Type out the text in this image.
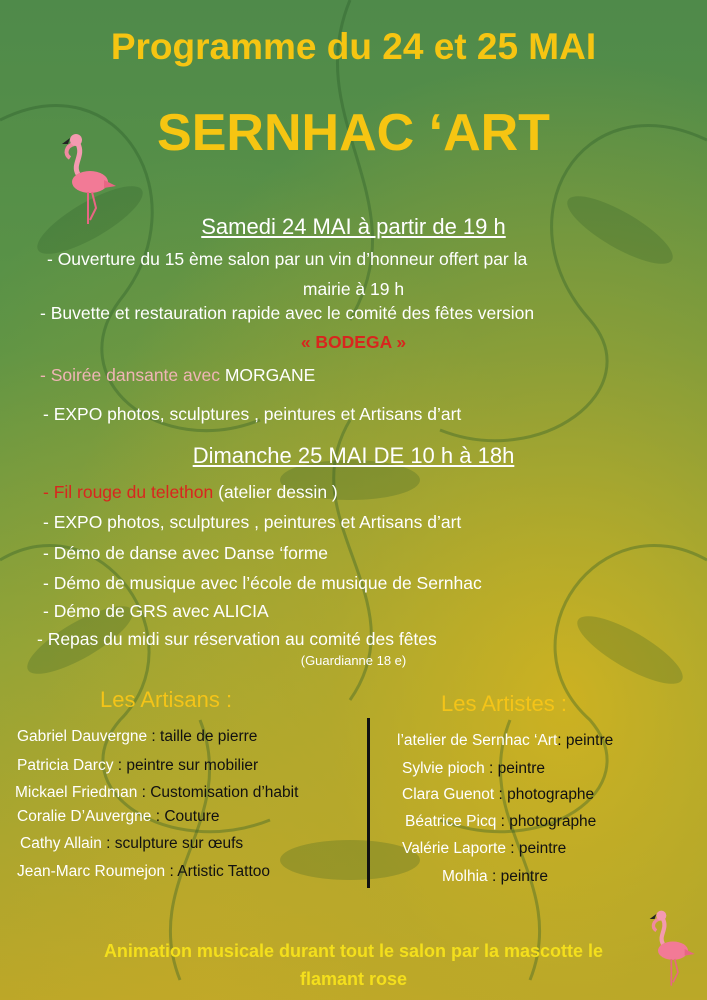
Programme du 24 et 25 MAI
SERNHAC ‘ART
Samedi 24 MAI à partir de 19 h
- Ouverture du 15 ème salon par un vin d’honneur offert par la
mairie à 19 h
- Buvette et restauration rapide avec le comité des fêtes version
« BODEGA »
- Soirée dansante avec MORGANE
- EXPO photos, sculptures , peintures et Artisans d’art
Dimanche 25 MAI DE 10 h à 18h
- Fil rouge du telethon (atelier dessin )
- EXPO photos, sculptures , peintures et Artisans d’art
- Démo de danse avec Danse ‘forme
- Démo de musique avec l’école de musique de Sernhac
- Démo de GRS avec ALICIA
- Repas du midi sur réservation au comité des fêtes
(Guardianne 18 e)
Les Artisans :
Gabriel Dauvergne : taille de pierre
Patricia Darcy : peintre sur mobilier
Mickael Friedman : Customisation d’habit
Coralie D’Auvergne : Couture
Cathy Allain : sculpture sur œufs
Jean-Marc Roumejon : Artistic Tattoo
Les Artistes :
l’atelier de Sernhac ‘Art: peintre
Sylvie pioch : peintre
Clara Guenot : photographe
Béatrice Picq : photographe
Valérie Laporte : peintre
Molhia : peintre
Animation musicale durant tout le salon par la mascotte le
flamant rose
